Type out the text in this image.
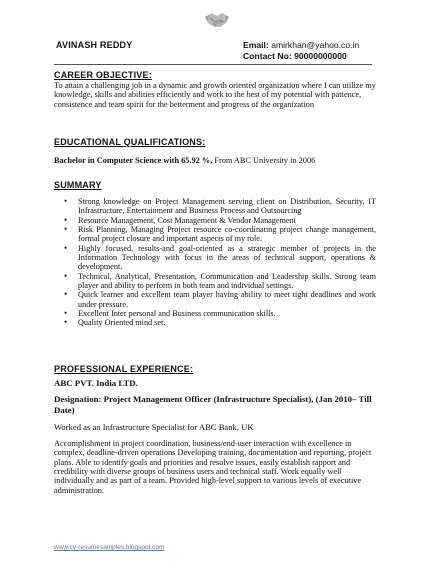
AVINASH REDDY	Email: amirkhan@yahoo.co.in
Contact No: 90000000000
CAREER OBJECTIVE:
To attain a challenging job in a dynamic and growth oriented organization where I can utilize my knowledge, skills and abilities efficiently and work to the best of my potential with patience, consistence and team spirit for the betterment and progress of the organization
EDUCATIONAL QUALIFICATIONS:
Bachelor in Computer Science with 65.92 %, From ABC University in 2006
SUMMARY
• Strong knowledge on Project Management serving client on Distribution, Security, IT Infrastructure, Entertainment and Business Process and Outsourcing
• Resource Management, Cost Management & Vendor Management
• Risk Planning, Managing Project resource co-coordinating project change management, formal project closure and important aspects of my role.
• Highly focused, results-and goal-oriented as a strategic member of projects in the Information Technology with focus in the areas of technical support, operations & development.
• Technical, Analytical, Presentation, Communication and Leadership skills. Strong team player and ability to perform in both team and individual settings.
• Quick learner and excellent team player having ability to meet tight deadlines and work under pressure.
• Excellent Inter personal and Business communication skills.
• Quality Oriented mind set.
PROFESSIONAL EXPERIENCE:
ABC PVT. India LTD.
Designation: Project Management Officer (Infrastructure Specialist), (Jan 2010– Till Date)
Worked as an Infrastructure Specialist for ABC Bank, UK
Accomplishment in project coordination, business/end-user interaction with excellence in complex, deadline-driven operations Developing training, documentation and reporting, project plans. Able to identify goals and priorities and resolve issues, easily establish rapport and credibility with diverse groups of business users and technical staff. Work equally well individually and as part of a team. Provided high-level support to various levels of executive administration.
www.cv-resumesamples.blogspot.com
